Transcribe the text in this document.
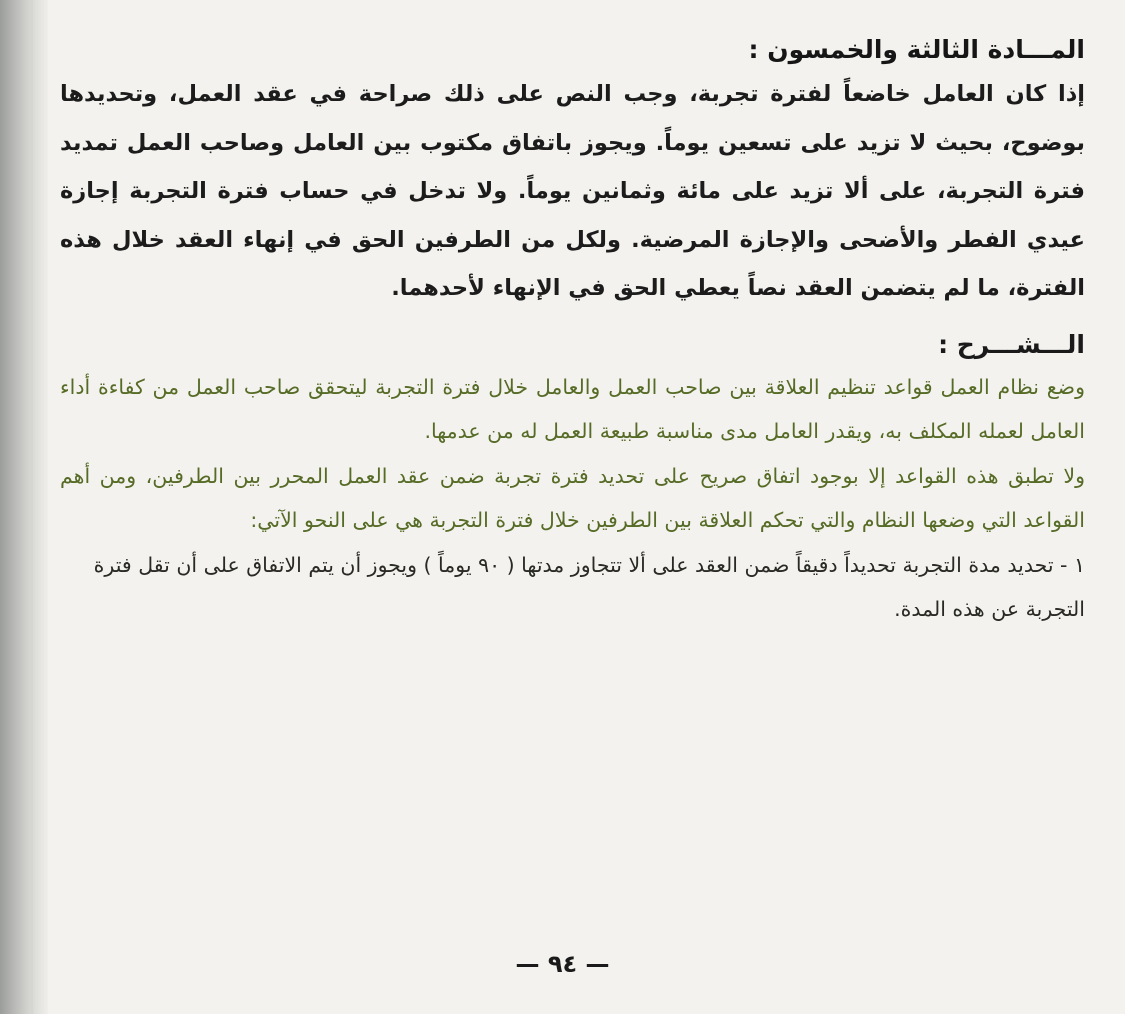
المـــادة الثالثة والخمسون :

إذا كان العامل خاضعاً لفترة تجربة، وجب النص على ذلك صراحة في عقد العمل، وتحديدها بوضوح، بحيث لا تزيد على تسعين يوماً. ويجوز باتفاق مكتوب بين العامل وصاحب العمل تمديد فترة التجربة، على ألا تزيد على مائة وثمانين يوماً. ولا تدخل في حساب فترة التجربة إجازة عيدي الفطر والأضحى والإجازة المرضية. ولكل من الطرفين الحق في إنهاء العقد خلال هذه الفترة، ما لم يتضمن العقد نصاً يعطي الحق في الإنهاء لأحدهما.

الـــشـــرح :

وضع نظام العمل قواعد تنظيم العلاقة بين صاحب العمل والعامل خلال فترة التجربة ليتحقق صاحب العمل من كفاءة أداء العامل لعمله المكلف به، ويقدر العامل مدى مناسبة طبيعة العمل له من عدمها.

ولا تطبق هذه القواعد إلا بوجود اتفاق صريح على تحديد فترة تجربة ضمن عقد العمل المحرر بين الطرفين، ومن أهم القواعد التي وضعها النظام والتي تحكم العلاقة بين الطرفين خلال فترة التجربة هي على النحو الآتي:

١ - تحديد مدة التجربة تحديداً دقيقاً ضمن العقد على ألا تتجاوز مدتها ( ٩٠ يوماً ) ويجوز أن يتم الاتفاق على أن تقل فترة التجربة عن هذه المدة.

— ٩٤ —
